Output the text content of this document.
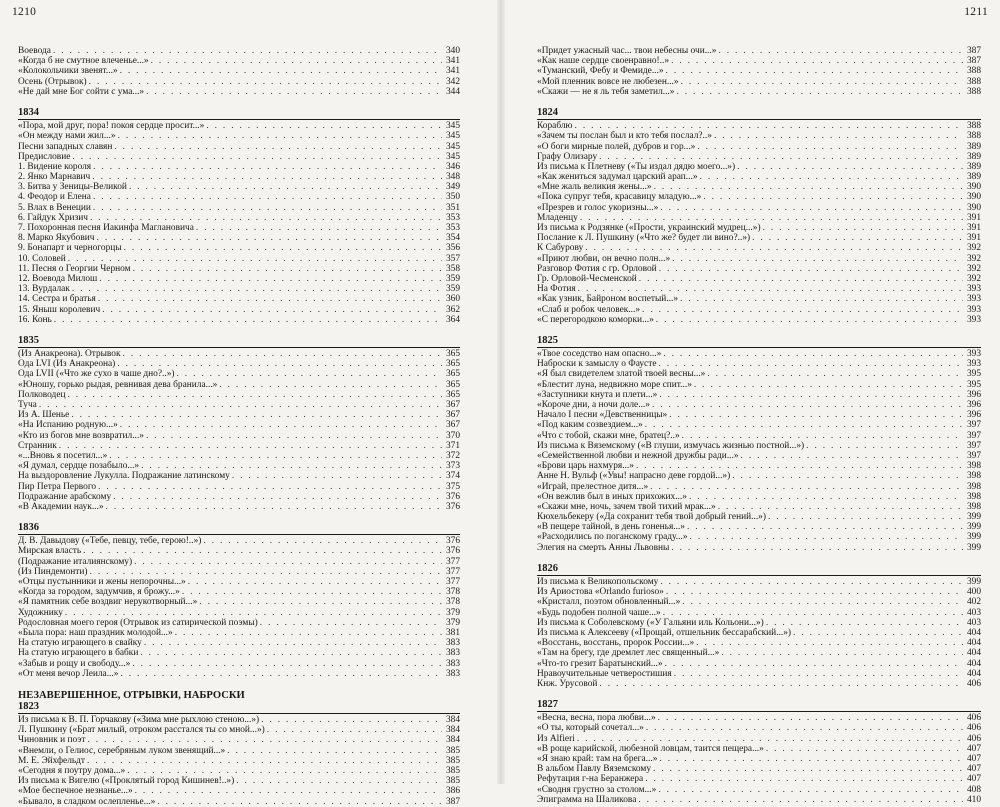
1210	1211
Воевода . . .	340
«Когда б не смутное влеченье...» . . .	341
«Колокольчики звенят...» . . .	341
Осень (Отрывок) . . .	342
«Не дай мне Бог сойти с ума...» . . .	344
1834
«Пора, мой друг, пора! покоя сердце просит...» . . .	345
«Он между нами жил...» . . .	345
Песни западных славян . . .	345
Предисловие . . .	345
1. Видение короля . . .	346
2. Янко Марнавич . . .	348
3. Битва у Зеницы-Великой . . .	349
4. Феодор и Елена . . .	350
5. Влах в Венеции . . .	351
6. Гайдук Хризич . . .	353
7. Похоронная песня Иакинфа Маглановича . . .	353
8. Марко Якубович . . .	354
9. Бонапарт и черногорцы . . .	356
10. Соловей . . .	357
11. Песня о Георгии Черном . . .	358
12. Воевода Милош . . .	359
13. Вурдалак . . .	359
14. Сестра и братья . . .	360
15. Яныш королевич . . .	362
16. Конь . . .	364
1835
(Из Анакреона). Отрывок . . .	365
Ода LVI (Из Анакреона) . . .	365
Ода LVII («Что же сухо в чаше дно?..») . . .	365
«Юношу, горько рыдая, ревнивая дева бранила...» . . .	365
Полководец . . .	365
Туча . . .	367
Из А. Шенье . . .	367
«На Испанию родную...» . . .	367
«Кто из богов мне возвратил...» . . .	370
Странник . . .	371
«...Вновь я посетил...» . . .	372
«Я думал, сердце позабыло...» . . .	373
На выздоровление Лукулла. Подражание латинскому . . .	374
Пир Петра Первого . . .	375
Подражание арабскому . . .	376
«В Академии наук...» . . .	376
1836
Д. В. Давыдову («Тебе, певцу, тебе, герою!..») . . .	376
Мирская власть . . .	376
(Подражание италиянскому) . . .	377
(Из Пиндемонти) . . .	377
«Отцы пустынники и жены непорочны...» . . .	377
«Когда за городом, задумчив, я брожу...» . . .	378
«Я памятник себе воздвиг нерукотворный...» . . .	378
Художнику . . .	379
Родословная моего героя (Отрывок из сатирической поэмы) . . .	379
«Была пора: наш праздник молодой...» . . .	381
На статую играющего в свайку . . .	383
На статую играющего в бабки . . .	383
«Забыв и рощу и свободу...» . . .	383
«От меня вечор Леила...» . . .	383
НЕЗАВЕРШЕННОЕ, ОТРЫВКИ, НАБРОСКИ
1823
Из письма к В. П. Горчакову («Зима мне рыхлою стеною...») . . .	384
Л. Пушкину («Брат милый, отроком расстался ты со мной...») . . .	384
Чиновник и поэт . . .	384
«Внемли, о Гелиос, серебряным луком звенящий...» . . .	385
М. Е. Эйхфельдт . . .	385
«Сегодня я поутру дома...» . . .	385
Из письма к Вигелю («Проклятый город Кишинев!..») . . .	385
«Мое беспечное незнанье...» . . .	386
«Бывало, в сладком ослепленье...» . . .	387
«Придет ужасный час... твои небесны очи...» . . .	387
«Как наше сердце своенравно!..» . . .	387
«Туманский, Фебу и Фемиде...» . . .	388
«Мой пленник вовсе не любезен...» . . .	388
«Скажи — не я ль тебя заметил...» . . .	388
1824
Кораблю . . .	388
«Зачем ты послан был и кто тебя послал?..» . . .	388
«О боги мирные полей, дубров и гор...» . . .	389
Графу Олизару . . .	389
Из письма к Плетневу («Ты издал дядю моего...») . . .	389
«Как жениться задумал царский арап...» . . .	389
«Мне жаль великия жены...» . . .	390
«Пока супруг тебя, красавицу младую...» . . .	390
«Презрев и голос укоризны...» . . .	390
Младенцу . . .	391
Из письма к Родзянке («Прости, украинский мудрец...») . . .	391
Послание к Л. Пушкину («Что же? будет ли вино?..») . . .	391
К Сабурову . . .	392
«Приют любви, он вечно полн...» . . .	392
Разговор Фотия с гр. Орловой . . .	392
Гр. Орловой-Чесменской . . .	392
На Фотия . . .	393
«Как узник, Байроном воспетый...» . . .	393
«Слаб и робок человек...» . . .	393
«С перегородкою коморки...» . . .	393
1825
«Твое соседство нам опасно...» . . .	393
Наброски к замыслу о Фаусте . . .	393
«Я был свидетелем златой твоей весны...» . . .	395
«Блестит луна, недвижно море спит...» . . .	395
«Заступники кнута и плети...» . . .	396
«Короче дни, а ночи доле...» . . .	396
Начало I песни «Девственницы» . . .	396
«Под каким созвездием...» . . .	397
«Что с тобой, скажи мне, братец?..» . . .	397
Из письма к Вяземскому («В глуши, измучась жизнью постной...») . . .	397
«Семейственной любви и нежной дружбы ради...» . . .	397
«Брови царь нахмуря...» . . .	398
Анне Н. Вульф («Увы! напрасно деве гордой...») . . .	398
«Играй, прелестное дитя...» . . .	398
«Он вежлив был в иных прихожих...» . . .	398
«Скажи мне, ночь, зачем твой тихий мрак...» . . .	398
Кюхельбекеру («Да сохранит тебя твой добрый гений...») . . .	399
«В пещере тайной, в день гоненья...» . . .	399
«Расходились по поганскому граду...» . . .	399
Элегия на смерть Анны Львовны . . .	399
1826
Из письма к Великопольскому . . .	399
Из Ариостова «Orlando furioso» . . .	400
«Кристалл, поэтом обновленный...» . . .	402
«Будь подобен полной чаше...» . . .	403
Из письма к Соболевскому («У Гальяни иль Кольони...») . . .	403
Из письма к Алексееву («Прощай, отшельник бессарабский...») . . .	404
«Восстань, восстань, пророк России...» . . .	404
«Там на брегу, где дремлет лес священный...» . . .	404
«Что-то грезит Баратынский...» . . .	404
Нравоучительные четверостишия . . .	404
Кнж. Урусовой . . .	406
1827
«Весна, весна, пора любви...» . . .	406
«О ты, который сочетал...» . . .	406
Из Alfieri . . .	406
«В роще карийской, любезной ловцам, таится пещера...» . . .	407
«Я знаю край: там на брега...» . . .	407
В альбом Павлу Вяземскому . . .	407
Рефутация г-на Беранжера . . .	407
«Сводня грустно за столом...» . . .	408
Эпиграмма на Шаликова . . .	410
